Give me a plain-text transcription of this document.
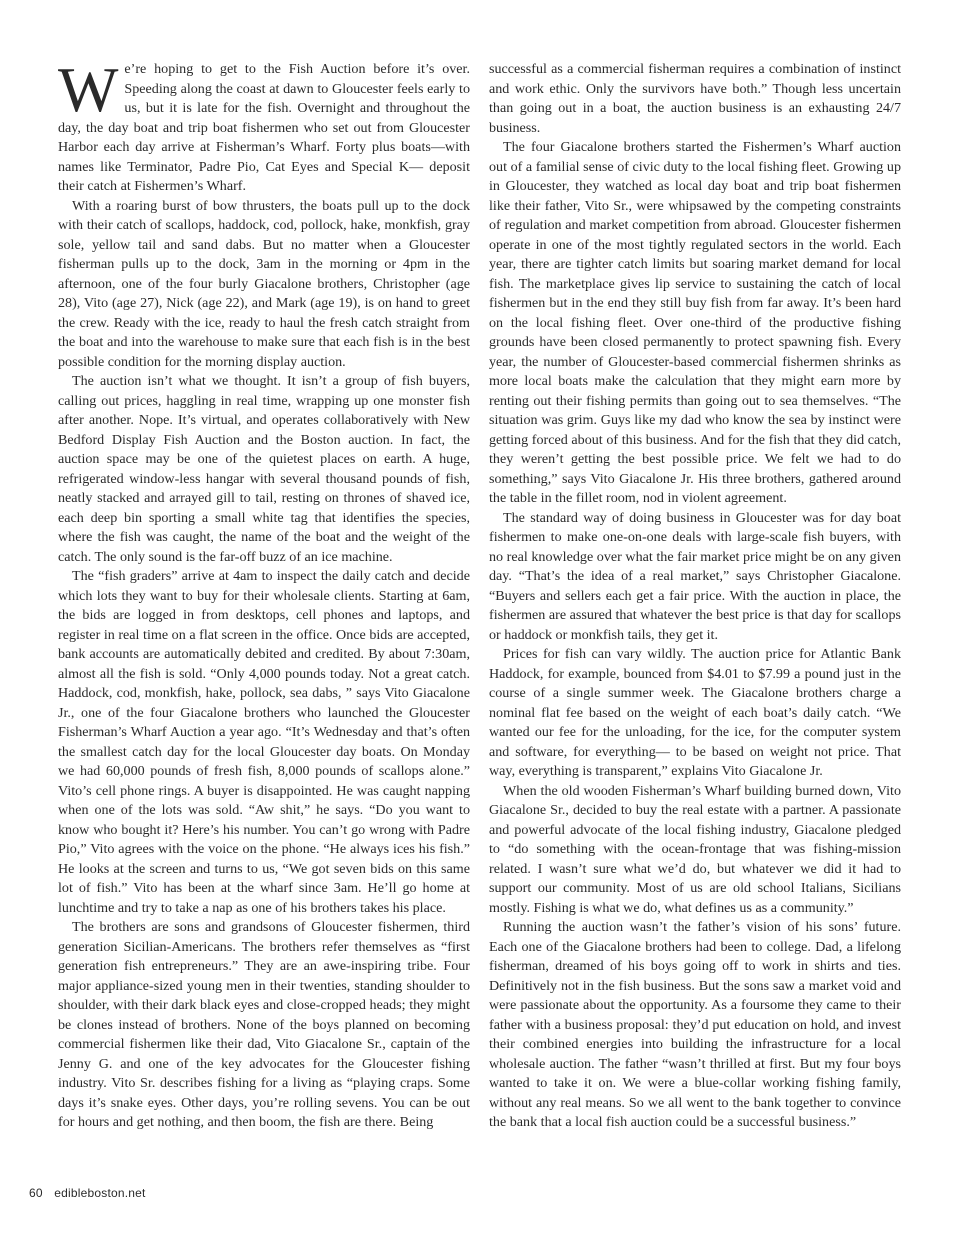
We’re hoping to get to the Fish Auction before it’s over. Speeding along the coast at dawn to Gloucester feels early to us, but it is late for the fish. Overnight and throughout the day, the day boat and trip boat fishermen who set out from Gloucester Harbor each day arrive at Fisherman’s Wharf. Forty plus boats—with names like Terminator, Padre Pio, Cat Eyes and Special K— deposit their catch at Fishermen’s Wharf.

With a roaring burst of bow thrusters, the boats pull up to the dock with their catch of scallops, haddock, cod, pollock, hake, monkfish, gray sole, yellow tail and sand dabs. But no matter when a Gloucester fisherman pulls up to the dock, 3am in the morning or 4pm in the afternoon, one of the four burly Giacalone brothers, Christopher (age 28), Vito (age 27), Nick (age 22), and Mark (age 19), is on hand to greet the crew. Ready with the ice, ready to haul the fresh catch straight from the boat and into the warehouse to make sure that each fish is in the best possible condition for the morning display auction.

The auction isn’t what we thought. It isn’t a group of fish buyers, calling out prices, haggling in real time, wrapping up one monster fish after another. Nope. It’s virtual, and operates collaboratively with New Bedford Display Fish Auction and the Boston auction. In fact, the auction space may be one of the quietest places on earth. A huge, refrigerated window-less hangar with several thousand pounds of fish, neatly stacked and arrayed gill to tail, resting on thrones of shaved ice, each deep bin sporting a small white tag that identifies the species, where the fish was caught, the name of the boat and the weight of the catch. The only sound is the far-off buzz of an ice machine.

The “fish graders” arrive at 4am to inspect the daily catch and decide which lots they want to buy for their wholesale clients. Starting at 6am, the bids are logged in from desktops, cell phones and laptops, and register in real time on a flat screen in the office. Once bids are accepted, bank accounts are automatically debited and credited. By about 7:30am, almost all the fish is sold. “Only 4,000 pounds today. Not a great catch. Haddock, cod, monkfish, hake, pollock, sea dabs, ” says Vito Giacalone Jr., one of the four Giacalone brothers who launched the Gloucester Fisherman’s Wharf Auction a year ago. “It’s Wednesday and that’s often the smallest catch day for the local Gloucester day boats. On Monday we had 60,000 pounds of fresh fish, 8,000 pounds of scallops alone.” Vito’s cell phone rings. A buyer is disappointed. He was caught napping when one of the lots was sold. “Aw shit,” he says. “Do you want to know who bought it? Here’s his number. You can’t go wrong with Padre Pio,” Vito agrees with the voice on the phone. “He always ices his fish.” He looks at the screen and turns to us, “We got seven bids on this same lot of fish.” Vito has been at the wharf since 3am. He’ll go home at lunchtime and try to take a nap as one of his brothers takes his place.

The brothers are sons and grandsons of Gloucester fishermen, third generation Sicilian-Americans. The brothers refer themselves as “first generation fish entrepreneurs.” They are an awe-inspiring tribe. Four major appliance-sized young men in their twenties, standing shoulder to shoulder, with their dark black eyes and close-cropped heads; they might be clones instead of brothers. None of the boys planned on becoming commercial fishermen like their dad, Vito Giacalone Sr., captain of the Jenny G. and one of the key advocates for the Gloucester fishing industry. Vito Sr. describes fishing for a living as “playing craps. Some days it’s snake eyes. Other days, you’re rolling sevens. You can be out for hours and get nothing, and then boom, the fish are there. Being

successful as a commercial fisherman requires a combination of instinct and work ethic. Only the survivors have both.” Though less uncertain than going out in a boat, the auction business is an exhausting 24/7 business.

The four Giacalone brothers started the Fishermen’s Wharf auction out of a familial sense of civic duty to the local fishing fleet. Growing up in Gloucester, they watched as local day boat and trip boat fishermen like their father, Vito Sr., were whipsawed by the competing constraints of regulation and market competition from abroad. Gloucester fishermen operate in one of the most tightly regulated sectors in the world. Each year, there are tighter catch limits but soaring market demand for local fish. The marketplace gives lip service to sustaining the catch of local fishermen but in the end they still buy fish from far away. It’s been hard on the local fishing fleet. Over one-third of the productive fishing grounds have been closed permanently to protect spawning fish. Every year, the number of Gloucester-based commercial fishermen shrinks as more local boats make the calculation that they might earn more by renting out their fishing permits than going out to sea themselves. “The situation was grim. Guys like my dad who know the sea by instinct were getting forced about of this business. And for the fish that they did catch, they weren’t getting the best possible price. We felt we had to do something,” says Vito Giacalone Jr. His three brothers, gathered around the table in the fillet room, nod in violent agreement.

The standard way of doing business in Gloucester was for day boat fishermen to make one-on-one deals with large-scale fish buyers, with no real knowledge over what the fair market price might be on any given day. “That’s the idea of a real market,” says Christopher Giacalone. “Buyers and sellers each get a fair price. With the auction in place, the fishermen are assured that whatever the best price is that day for scallops or haddock or monkfish tails, they get it.

Prices for fish can vary wildly. The auction price for Atlantic Bank Haddock, for example, bounced from $4.01 to $7.99 a pound just in the course of a single summer week. The Giacalone brothers charge a nominal flat fee based on the weight of each boat’s daily catch. “We wanted our fee for the unloading, for the ice, for the computer system and software, for everything— to be based on weight not price. That way, everything is transparent,” explains Vito Giacalone Jr.

When the old wooden Fisherman’s Wharf building burned down, Vito Giacalone Sr., decided to buy the real estate with a partner. A passionate and powerful advocate of the local fishing industry, Giacalone pledged to “do something with the ocean-frontage that was fishing-mission related. I wasn’t sure what we’d do, but whatever we did it had to support our community. Most of us are old school Italians, Sicilians mostly. Fishing is what we do, what defines us as a community.”

Running the auction wasn’t the father’s vision of his sons’ future. Each one of the Giacalone brothers had been to college. Dad, a lifelong fisherman, dreamed of his boys going off to work in shirts and ties. Definitively not in the fish business. But the sons saw a market void and were passionate about the opportunity. As a foursome they came to their father with a business proposal: they’d put education on hold, and invest their combined energies into building the infrastructure for a local wholesale auction. The father “wasn’t thrilled at first. But my four boys wanted to take it on. We were a blue-collar working fishing family, without any real means. So we all went to the bank together to convince the bank that a local fish auction could be a successful business.”

60 edibleboston.net
